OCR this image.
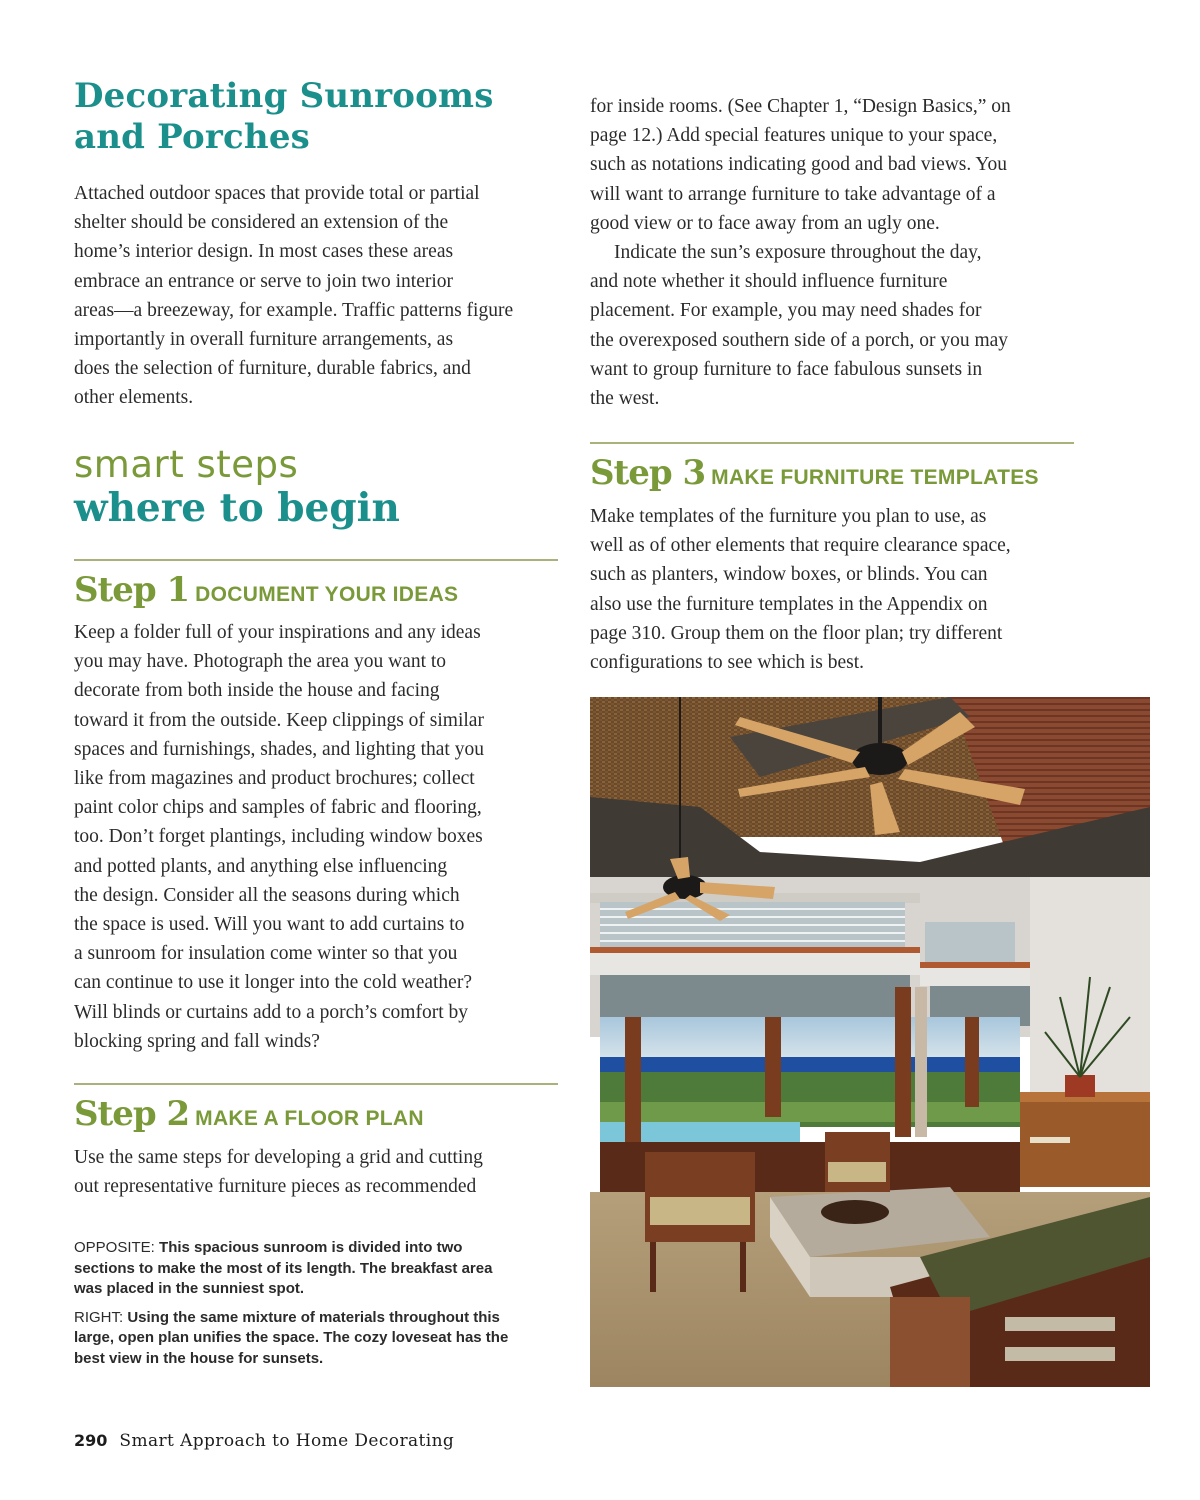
Decorating Sunrooms
and Porches

Attached outdoor spaces that provide total or partial
shelter should be considered an extension of the
home’s interior design. In most cases these areas
embrace an entrance or serve to join two interior
areas—a breezeway, for example. Traffic patterns figure
importantly in overall furniture arrangements, as
does the selection of furniture, durable fabrics, and
other elements.

smart steps
where to begin
Step 1 DOCUMENT YOUR IDEAS

Keep a folder full of your inspirations and any ideas
you may have. Photograph the area you want to
decorate from both inside the house and facing
toward it from the outside. Keep clippings of similar
spaces and furnishings, shades, and lighting that you
like from magazines and product brochures; collect
paint color chips and samples of fabric and flooring,
too. Don’t forget plantings, including window boxes
and potted plants, and anything else influencing
the design. Consider all the seasons during which
the space is used. Will you want to add curtains to
a sunroom for insulation come winter so that you
can continue to use it longer into the cold weather?
Will blinds or curtains add to a porch’s comfort by
blocking spring and fall winds?

Step 2 MAKE A FLOOR PLAN

Use the same steps for developing a grid and cutting
out representative furniture pieces as recommended

OPPOSITE: This spacious sunroom is divided into two
sections to make the most of its length. The breakfast area
was placed in the sunniest spot.

RIGHT: Using the same mixture of materials throughout this
large, open plan unifies the space. The cozy loveseat has the
best view in the house for sunsets.

for inside rooms. (See Chapter 1, “Design Basics,” on
page 12.) Add special features unique to your space,
such as notations indicating good and bad views. You
will want to arrange furniture to take advantage of a
good view or to face away from an ugly one.
Indicate the sun’s exposure throughout the day,
and note whether it should influence furniture
placement. For example, you may need shades for
the overexposed southern side of a porch, or you may
want to group furniture to face fabulous sunsets in
the west.

Step 3 MAKE FURNITURE TEMPLATES

Make templates of the furniture you plan to use, as
well as of other elements that require clearance space,
such as planters, window boxes, or blinds. You can
also use the furniture templates in the Appendix on
page 310. Group them on the floor plan; try different
configurations to see which is best.

290 Smart Approach to Home Decorating
